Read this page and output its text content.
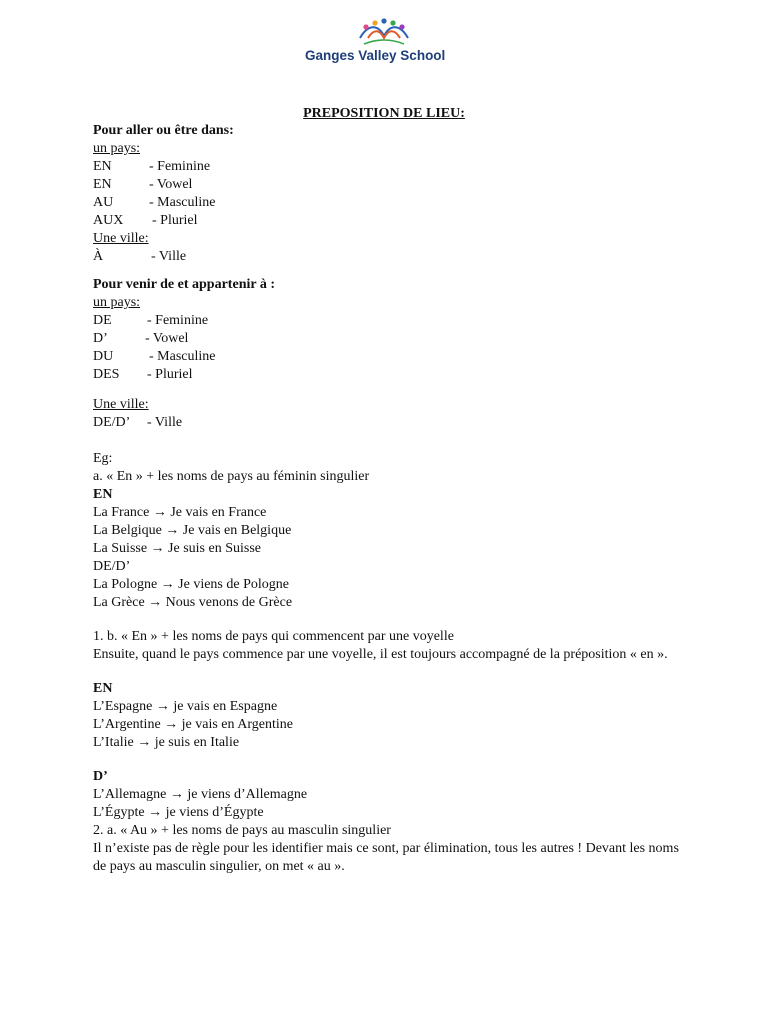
Ganges Valley School
PREPOSITION DE LIEU:
Pour aller ou être dans:
un pays:
EN	- Feminine
EN	- Vowel
AU	- Masculine
AUX	- Pluriel
Une ville:
À	- Ville
Pour venir de et appartenir à :
un pays:
DE	- Feminine
D’	- Vowel
DU	- Masculine
DES	- Pluriel
Une ville:
DE/D’	- Ville
Eg:
a. « En » + les noms de pays au féminin singulier
EN
La France → Je vais en France
La Belgique → Je vais en Belgique
La Suisse → Je suis en Suisse
DE/D’
La Pologne → Je viens de Pologne
La Grèce → Nous venons de Grèce
1. b. « En » + les noms de pays qui commencent par une voyelle
Ensuite, quand le pays commence par une voyelle, il est toujours accompagné de la préposition « en ».
EN
L’Espagne → je vais en Espagne
L’Argentine → je vais en Argentine
L’Italie → je suis en Italie
D’
L’Allemagne → je viens d’Allemagne
L’Égypte → je viens d’Égypte
2. a. « Au » + les noms de pays au masculin singulier
Il n’existe pas de règle pour les identifier mais ce sont, par élimination, tous les autres ! Devant les noms de pays au masculin singulier, on met « au ».
